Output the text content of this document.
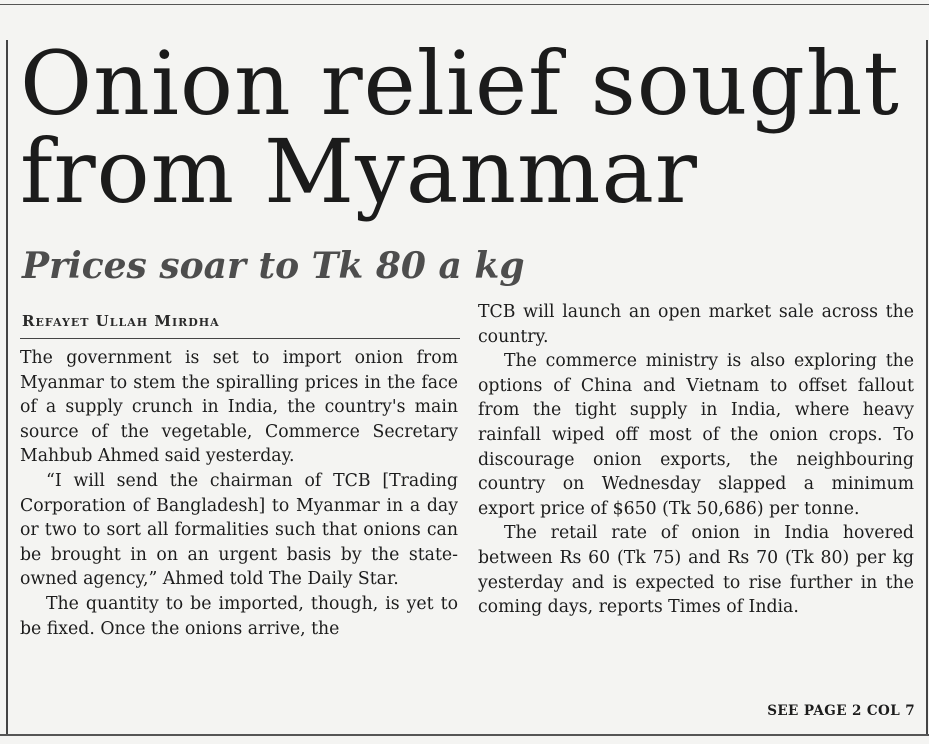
Onion relief sought
from Myanmar
Prices soar to Tk 80 a kg
Refayet Ullah Mirdha

The government is set to import onion from Myanmar to stem the spiralling prices in the face of a supply crunch in India, the country's main source of the vegetable, Commerce Secretary Mahbub Ahmed said yesterday.

“I will send the chairman of TCB [Trading Corporation of Bangladesh] to Myanmar in a day or two to sort all formalities such that onions can be brought in on an urgent basis by the state-owned agency,” Ahmed told The Daily Star.

The quantity to be imported, though, is yet to be fixed. Once the onions arrive, the

TCB will launch an open market sale across the country.

The commerce ministry is also exploring the options of China and Vietnam to offset fallout from the tight supply in India, where heavy rainfall wiped off most of the onion crops. To discourage onion exports, the neighbouring country on Wednesday slapped a minimum export price of $650 (Tk 50,686) per tonne.

The retail rate of onion in India hovered between Rs 60 (Tk 75) and Rs 70 (Tk 80) per kg yesterday and is expected to rise further in the coming days, reports Times of India.

SEE PAGE 2 COL 7
